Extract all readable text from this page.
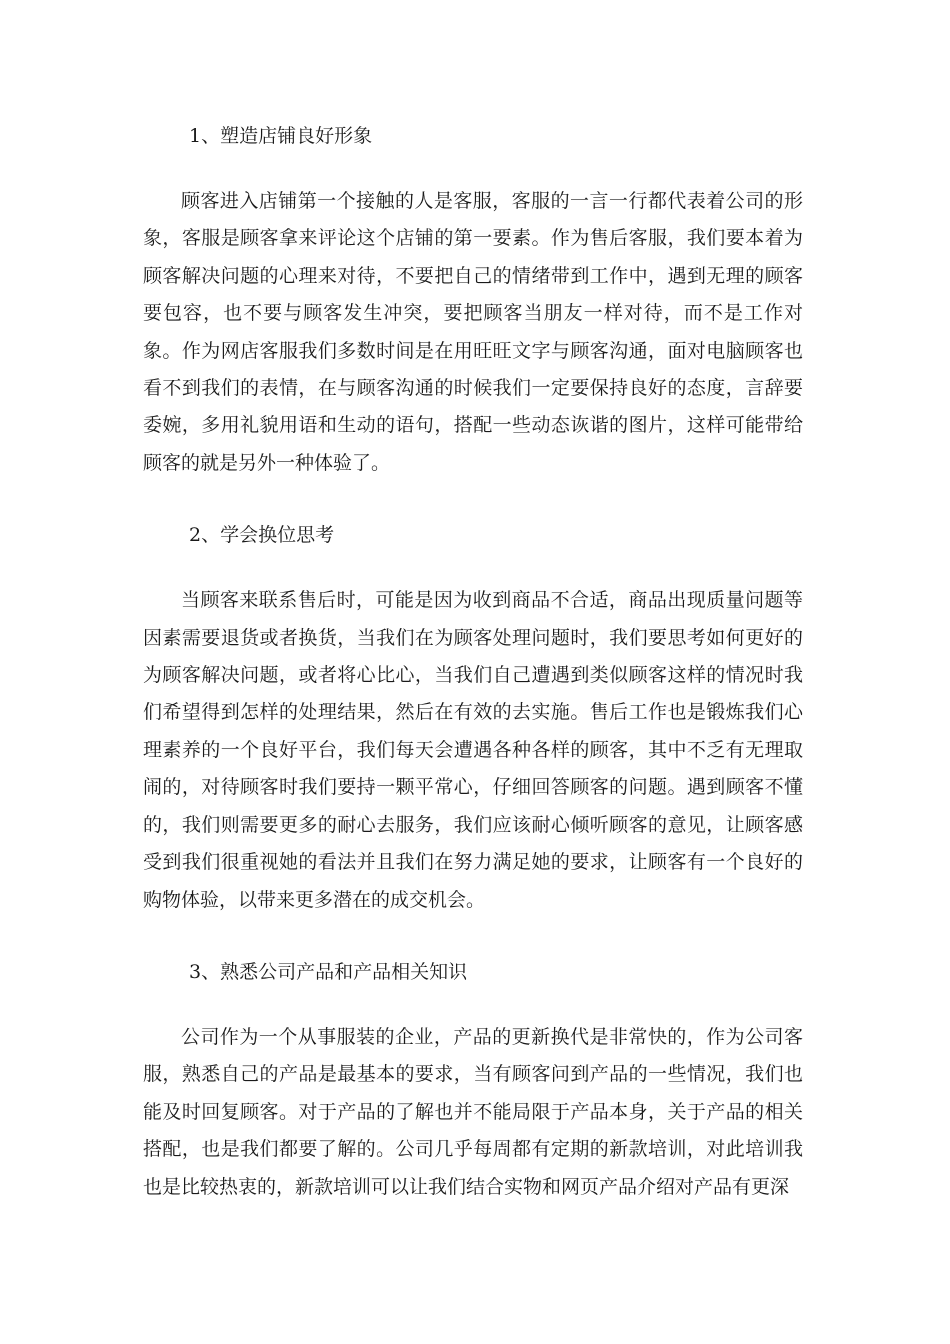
1、塑造店铺良好形象

顾客进入店铺第一个接触的人是客服，客服的一言一行都代表着公司的形象，客服是顾客拿来评论这个店铺的第一要素。作为售后客服，我们要本着为顾客解决问题的心理来对待，不要把自己的情绪带到工作中，遇到无理的顾客要包容，也不要与顾客发生冲突，要把顾客当朋友一样对待，而不是工作对象。作为网店客服我们多数时间是在用旺旺文字与顾客沟通，面对电脑顾客也看不到我们的表情，在与顾客沟通的时候我们一定要保持良好的态度，言辞要委婉，多用礼貌用语和生动的语句，搭配一些动态诙谐的图片，这样可能带给顾客的就是另外一种体验了。

2、学会换位思考

当顾客来联系售后时，可能是因为收到商品不合适，商品出现质量问题等因素需要退货或者换货，当我们在为顾客处理问题时，我们要思考如何更好的为顾客解决问题，或者将心比心，当我们自己遭遇到类似顾客这样的情况时我们希望得到怎样的处理结果，然后在有效的去实施。售后工作也是锻炼我们心理素养的一个良好平台，我们每天会遭遇各种各样的顾客，其中不乏有无理取闹的，对待顾客时我们要持一颗平常心，仔细回答顾客的问题。遇到顾客不懂的，我们则需要更多的耐心去服务，我们应该耐心倾听顾客的意见，让顾客感受到我们很重视她的看法并且我们在努力满足她的要求，让顾客有一个良好的购物体验，以带来更多潜在的成交机会。

3、熟悉公司产品和产品相关知识

公司作为一个从事服装的企业，产品的更新换代是非常快的，作为公司客服，熟悉自己的产品是最基本的要求，当有顾客问到产品的一些情况，我们也能及时回复顾客。对于产品的了解也并不能局限于产品本身，关于产品的相关搭配，也是我们都要了解的。公司几乎每周都有定期的新款培训，对此培训我也是比较热衷的，新款培训可以让我们结合实物和网页产品介绍对产品有更深
